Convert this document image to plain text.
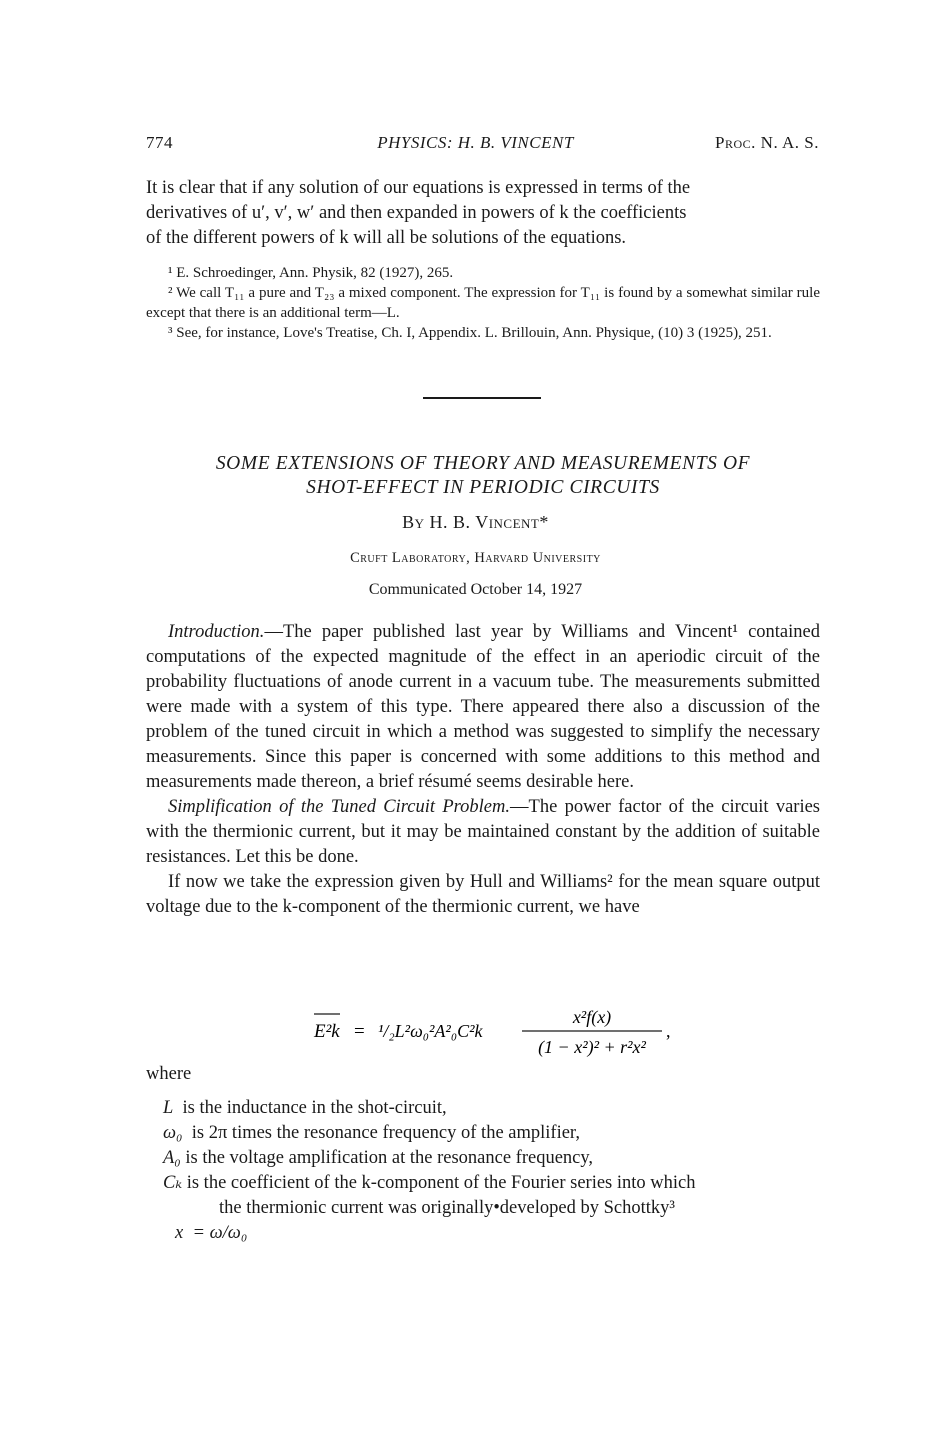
774	PHYSICS: H. B. VINCENT	Proc. N. A. S.
It is clear that if any solution of our equations is expressed in terms of the
derivatives of u′, v′, w′ and then expanded in powers of k the coefficients
of the different powers of k will all be solutions of the equations.

¹ E. Schroedinger, Ann. Physik, 82 (1927), 265.

² We call T₁₁ a pure and T₂₃ a mixed component. The expression for T₁₁ is found by a somewhat similar rule except that there is an additional term—L.

³ See, for instance, Love's Treatise, Ch. I, Appendix. L. Brillouin, Ann. Physique, (10) 3 (1925), 251.

SOME EXTENSIONS OF THEORY AND MEASUREMENTS OF
SHOT-EFFECT IN PERIODIC CIRCUITS
By H. B. Vincent*
Cruft Laboratory, Harvard University
Communicated October 14, 1927

Introduction.—The paper published last year by Williams and Vincent¹ contained computations of the expected magnitude of the effect in an aperiodic circuit of the probability fluctuations of anode current in a vacuum tube. The measurements submitted were made with a system of this type. There appeared there also a discussion of the problem of the tuned circuit in which a method was suggested to simplify the necessary measurements. Since this paper is concerned with some additions to this method and measurements made thereon, a brief résumé seems desirable here.

Simplification of the Tuned Circuit Problem.—The power factor of the circuit varies with the thermionic current, but it may be maintained constant by the addition of suitable resistances. Let this be done.

If now we take the expression given by Hull and Williams² for the mean square output voltage due to the k-component of the thermionic current, we have

E²k = ¹/₂L²ω₀²A²₀C²k
x²f(x)
(1 − x²)² + r²x²
,
where
L is the inductance in the shot-circuit,
ω₀ is 2π times the resonance frequency of the amplifier,
A₀ is the voltage amplification at the resonance frequency,
Cₖ is the coefficient of the k-component of the Fourier series into which
the thermionic current was originally•developed by Schottky³
x = ω/ω₀
